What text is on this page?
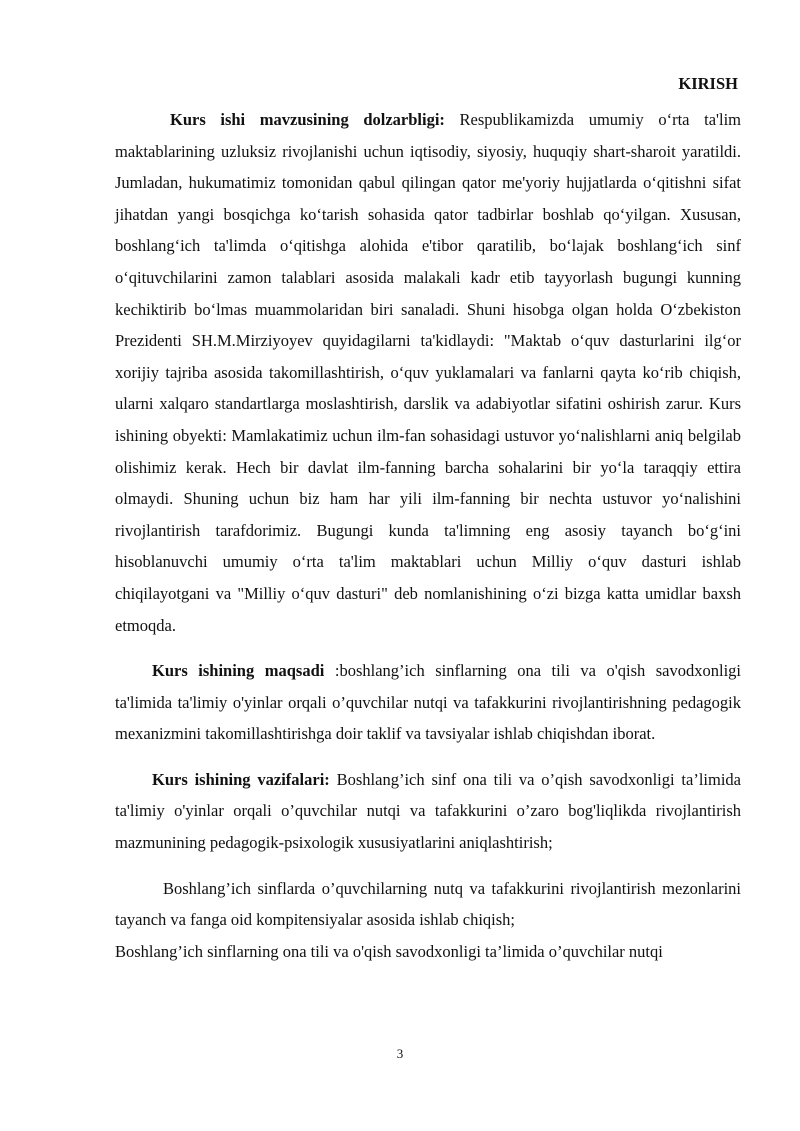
KIRISH

Kurs ishi mavzusining dolzarbligi: Respublikamizda umumiy o‘rta ta'lim maktablarining uzluksiz rivojlanishi uchun iqtisodiy, siyosiy, huquqiy shart-sharoit yaratildi. Jumladan, hukumatimiz tomonidan qabul qilingan qator me'yoriy hujjatlarda o‘qitishni sifat jihatdan yangi bosqichga ko‘tarish sohasida qator tadbirlar boshlab qo‘yilgan. Xususan, boshlang‘ich ta'limda o‘qitishga alohida e'tibor qaratilib, bo‘lajak boshlang‘ich sinf o‘qituvchilarini zamon talablari asosida malakali kadr etib tayyorlash bugungi kunning kechiktirib bo‘lmas muammolaridan biri sanaladi. Shuni hisobga olgan holda O‘zbekiston Prezidenti SH.M.Mirziyoyev quyidagilarni ta'kidlaydi: "Maktab o‘quv dasturlarini ilg‘or xorijiy tajriba asosida takomillashtirish, o‘quv yuklamalari va fanlarni qayta ko‘rib chiqish, ularni xalqaro standartlarga moslashtirish, darslik va adabiyotlar sifatini oshirish zarur. Kurs ishining obyekti: Mamlakatimiz uchun ilm-fan sohasidagi ustuvor yo‘nalishlarni aniq belgilab olishimiz kerak. Hech bir davlat ilm-fanning barcha sohalarini bir yo‘la taraqqiy ettira olmaydi. Shuning uchun biz ham har yili ilm-fanning bir nechta ustuvor yo‘nalishini rivojlantirish tarafdorimiz. Bugungi kunda ta'limning eng asosiy tayanch bo‘g‘ini hisoblanuvchi umumiy o‘rta ta'lim maktablari uchun Milliy o‘quv dasturi ishlab chiqilayotgani va "Milliy o‘quv dasturi" deb nomlanishining o‘zi bizga katta umidlar baxsh etmoqda.

Kurs ishining maqsadi :boshlang’ich sinflarning ona tili va o'qish savodxonligi ta'limida ta'limiy o'yinlar orqali o’quvchilar nutqi va tafakkurini rivojlantirishning pedagogik mexanizmini takomillashtirishga doir taklif va tavsiyalar ishlab chiqishdan iborat.

Kurs ishining vazifalari: Boshlang’ich sinf ona tili va o’qish savodxonligi ta’limida ta'limiy o'yinlar orqali o’quvchilar nutqi va tafakkurini o’zaro bog'liqlikda rivojlantirish mazmunining pedagogik-psixologik xususiyatlarini aniqlashtirish;

Boshlang’ich sinflarda o’quvchilarning nutq va tafakkurini rivojlantirish mezonlarini tayanch va fanga oid kompitensiyalar asosida ishlab chiqish;

Boshlang’ich sinflarning ona tili va o'qish savodxonligi ta’limida o’quvchilar nutqi

3
